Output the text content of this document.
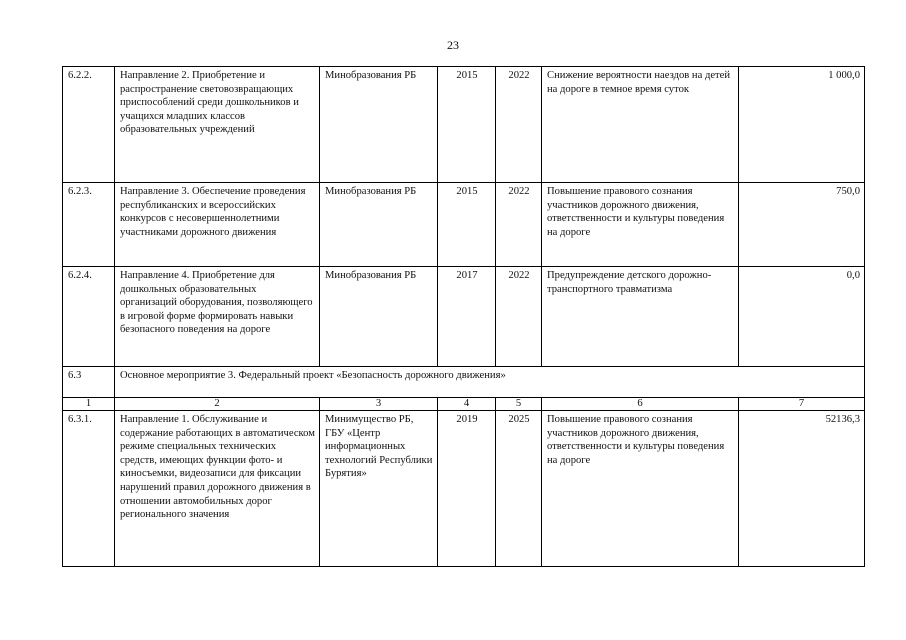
23
6.2.2.	Направление 2. Приобретение и распространение световозвращающих приспособлений среди дошкольников и учащихся младших классов образовательных учреждений	Минобразования РБ	2015	2022	Снижение вероятности наездов на детей на дороге в темное время суток	1 000,0
6.2.3.	Направление 3. Обеспечение проведения республиканских и всероссийских конкурсов с несовершеннолетними участниками дорожного движения	Минобразования РБ	2015	2022	Повышение правового сознания участников дорожного движения, ответственности и культуры поведения на дороге	750,0
6.2.4.	Направление 4. Приобретение для дошкольных образовательных организаций оборудования, позволяющего в игровой форме формировать навыки безопасного поведения на дороге	Минобразования РБ	2017	2022	Предупреждение детского дорожно-транспортного травматизма	0,0
6.3	Основное мероприятие 3. Федеральный проект «Безопасность дорожного движения»					
1	2	3	4	5	6	7
6.3.1.	Направление 1. Обслуживание и содержание работающих в автоматическом режиме специальных технических средств, имеющих функции фото- и киносъемки, видеозаписи для фиксации нарушений правил дорожного движения в отношении автомобильных дорог регионального значения	Минимущество РБ, ГБУ «Центр информационных технологий Республики Бурятия»	2019	2025	Повышение правового сознания участников дорожного движения, ответственности и культуры поведения на дороге	52136,3
